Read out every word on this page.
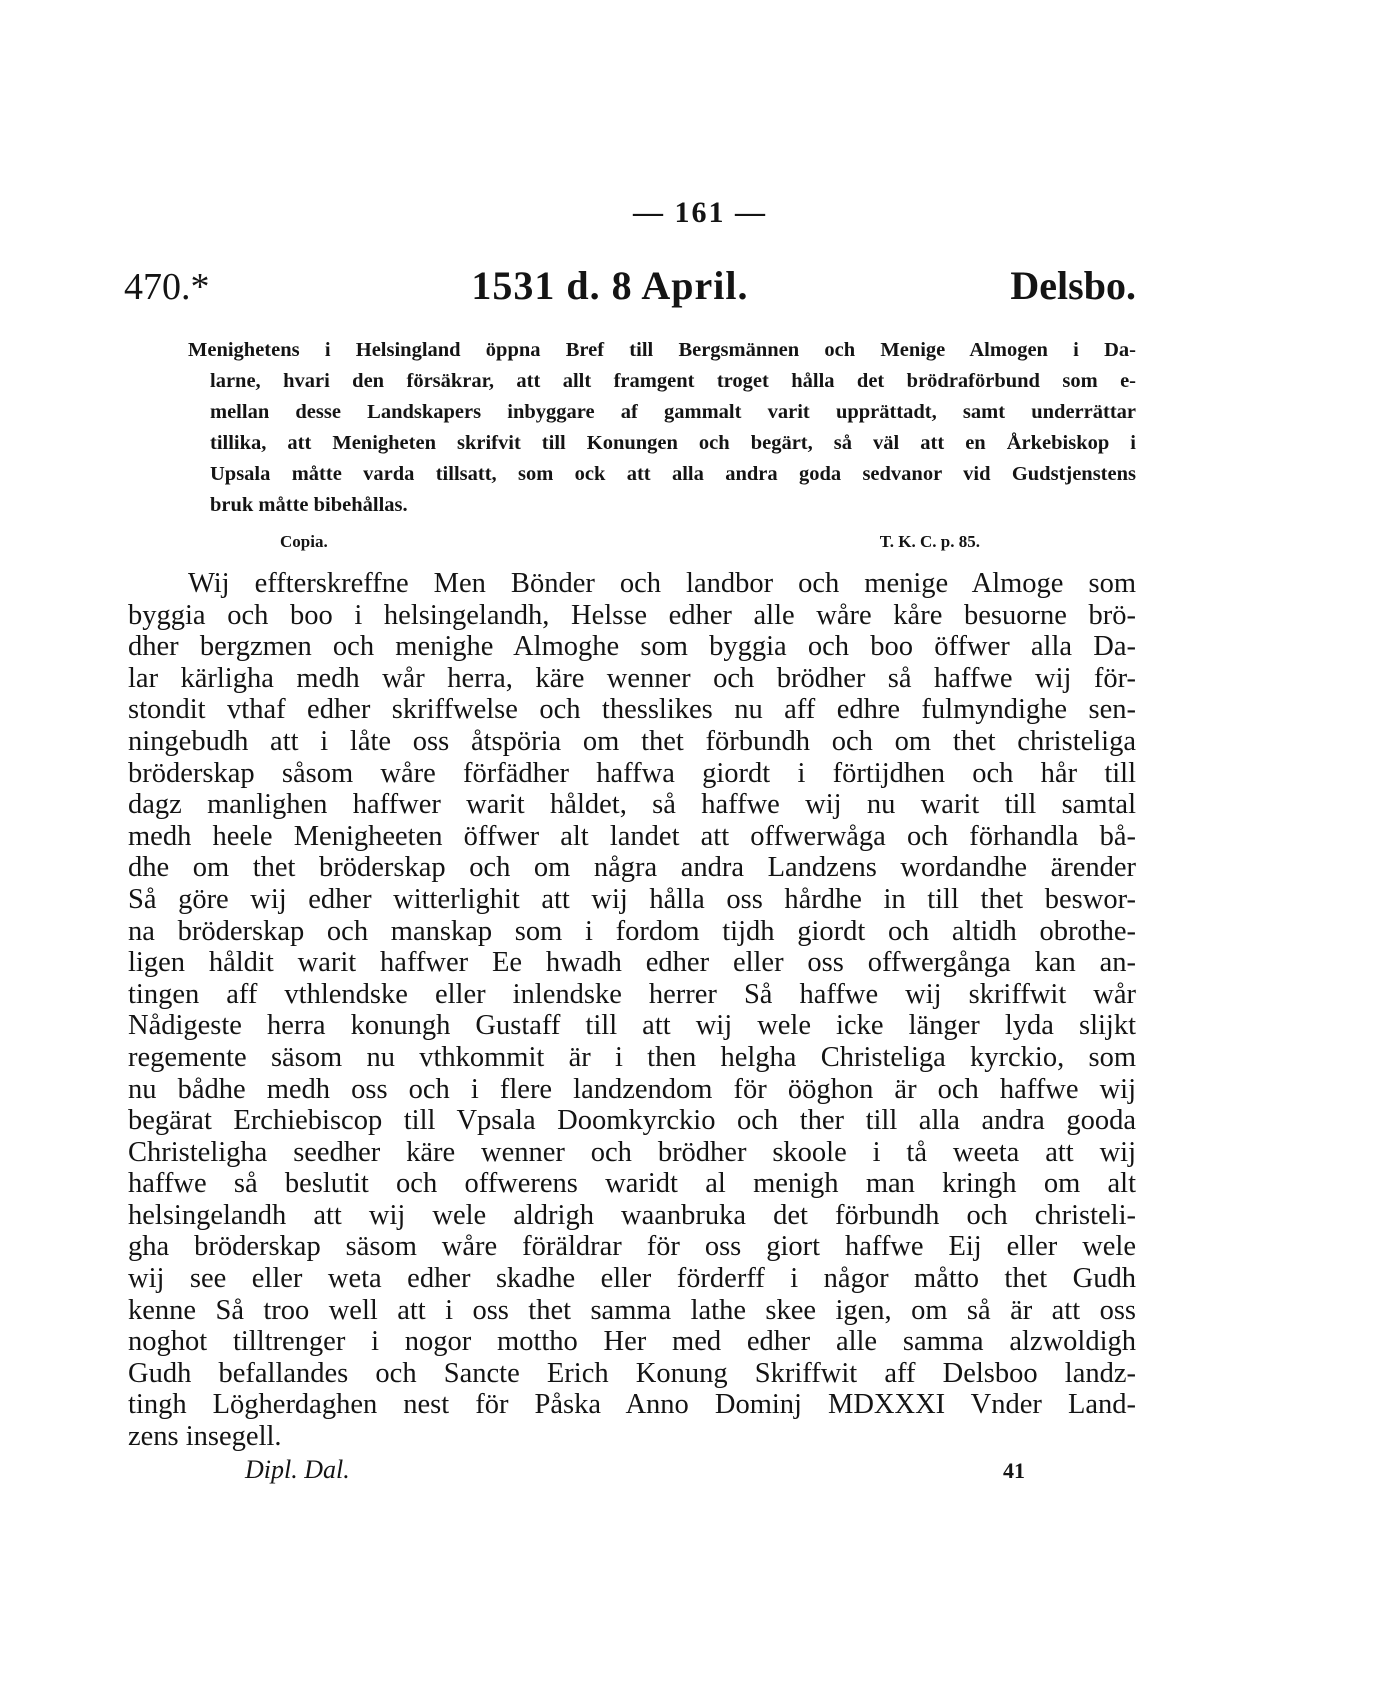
— 161 —
470.*	1531 d. 8 April.	Delsbo.
Menighetens i Helsingland öppna Bref till Bergsmännen och Menige Almogen i Da-
larne, hvari den försäkrar, att allt framgent troget hålla det brödraförbund som e-
mellan desse Landskapers inbyggare af gammalt varit upprättadt, samt underrättar
tillika, att Menigheten skrifvit till Konungen och begärt, så väl att en Årkebiskop i
Upsala måtte varda tillsatt, som ock att alla andra goda sedvanor vid Gudstjenstens
bruk måtte bibehållas.
Copia.	T. K. C. p. 85.
Wij effterskreffne Men Bönder och landbor och menige Almoge som
byggia och boo i helsingelandh, Helsse edher alle wåre kåre besuorne brö-
dher bergzmen och menighe Almoghe som byggia och boo öffwer alla Da-
lar kärligha medh wår herra, käre wenner och brödher så haffwe wij för-
stondit vthaf edher skriffwelse och thesslikes nu aff edhre fulmyndighe sen-
ningebudh att i låte oss åtspöria om thet förbundh och om thet christeliga
bröderskap såsom wåre förfädher haffwa giordt i förtijdhen och hår till
dagz manlighen haffwer warit håldet, så haffwe wij nu warit till samtal
medh heele Menigheeten öffwer alt landet att offwerwåga och förhandla bå-
dhe om thet bröderskap och om några andra Landzens wordandhe ärender
Så göre wij edher witterlighit att wij hålla oss hårdhe in till thet beswor-
na bröderskap och manskap som i fordom tijdh giordt och altidh obrothe-
ligen håldit warit haffwer Ee hwadh edher eller oss offwergånga kan an-
tingen aff vthlendske eller inlendske herrer Så haffwe wij skriffwit wår
Nådigeste herra konungh Gustaff till att wij wele icke länger lyda slijkt
regemente säsom nu vthkommit är i then helgha Christeliga kyrckio, som
nu bådhe medh oss och i flere landzendom för ööghon är och haffwe wij
begärat Erchiebiscop till Vpsala Doomkyrckio och ther till alla andra gooda
Christeligha seedher käre wenner och brödher skoole i tå weeta att wij
haffwe så beslutit och offwerens waridt al menigh man kringh om alt
helsingelandh att wij wele aldrigh waanbruka det förbundh och christeli-
gha bröderskap säsom wåre föräldrar för oss giort haffwe Eij eller wele
wij see eller weta edher skadhe eller förderff i någor måtto thet Gudh
kenne Så troo well att i oss thet samma lathe skee igen, om så är att oss
noghot tilltrenger i nogor mottho Her med edher alle samma alzwoldigh
Gudh befallandes och Sancte Erich Konung Skriffwit aff Delsboo landz-
tingh Lögherdaghen nest för Påska Anno Dominj MDXXXI Vnder Land-
zens insegell.
Dipl. Dal.	41
